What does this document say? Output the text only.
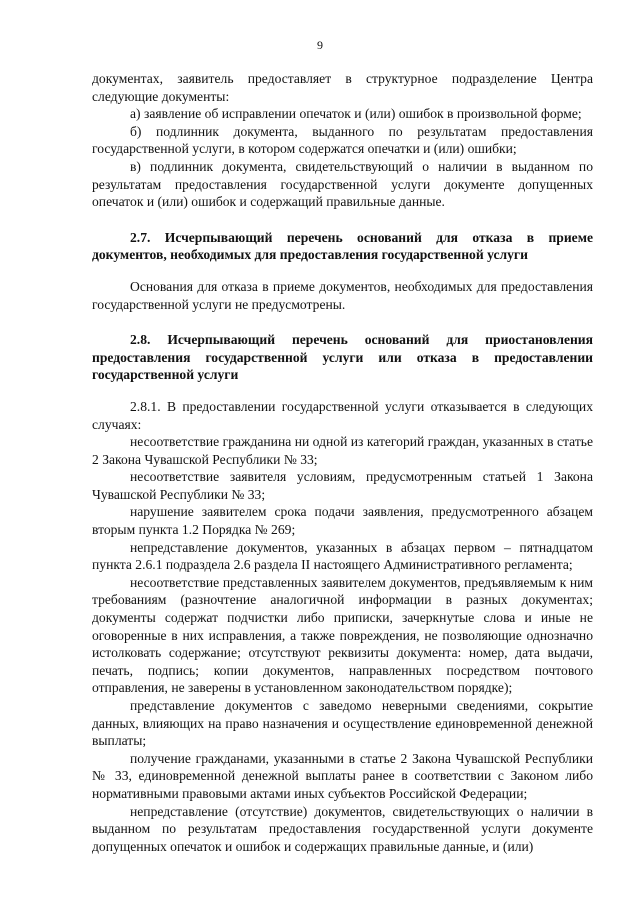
9

документах, заявитель предоставляет в структурное подразделение Центра следующие документы:

а) заявление об исправлении опечаток и (или) ошибок в произвольной форме;

б) подлинник документа, выданного по результатам предоставления государственной услуги, в котором содержатся опечатки и (или) ошибки;

в) подлинник документа, свидетельствующий о наличии в выданном по результатам предоставления государственной услуги документе допущенных опечаток и (или) ошибок и содержащий правильные данные.

2.7. Исчерпывающий перечень оснований для отказа в приеме документов, необходимых для предоставления государственной услуги

Основания для отказа в приеме документов, необходимых для предоставления государственной услуги не предусмотрены.

2.8. Исчерпывающий перечень оснований для приостановления предоставления государственной услуги или отказа в предоставлении государственной услуги

2.8.1. В предоставлении государственной услуги отказывается в следующих случаях:

несоответствие гражданина ни одной из категорий граждан, указанных в статье 2 Закона Чувашской Республики № 33;

несоответствие заявителя условиям, предусмотренным статьей 1 Закона Чувашской Республики № 33;

нарушение заявителем срока подачи заявления, предусмотренного абзацем вторым пункта 1.2 Порядка № 269;

непредставление документов, указанных в абзацах первом – пятнадцатом пункта 2.6.1 подраздела 2.6 раздела II настоящего Административного регламента;

несоответствие представленных заявителем документов, предъявляемым к ним требованиям (разночтение аналогичной информации в разных документах; документы содержат подчистки либо приписки, зачеркнутые слова и иные не оговоренные в них исправления, а также повреждения, не позволяющие однозначно истолковать содержание; отсутствуют реквизиты документа: номер, дата выдачи, печать, подпись; копии документов, направленных посредством почтового отправления, не заверены в установленном законодательством порядке);

представление документов с заведомо неверными сведениями, сокрытие данных, влияющих на право назначения и осуществление единовременной денежной выплаты;

получение гражданами, указанными в статье 2 Закона Чувашской Республики № 33, единовременной денежной выплаты ранее в соответствии с Законом либо нормативными правовыми актами иных субъектов Российской Федерации;

непредставление (отсутствие) документов, свидетельствующих о наличии в выданном по результатам предоставления государственной услуги документе допущенных опечаток и ошибок и содержащих правильные данные, и (или)
